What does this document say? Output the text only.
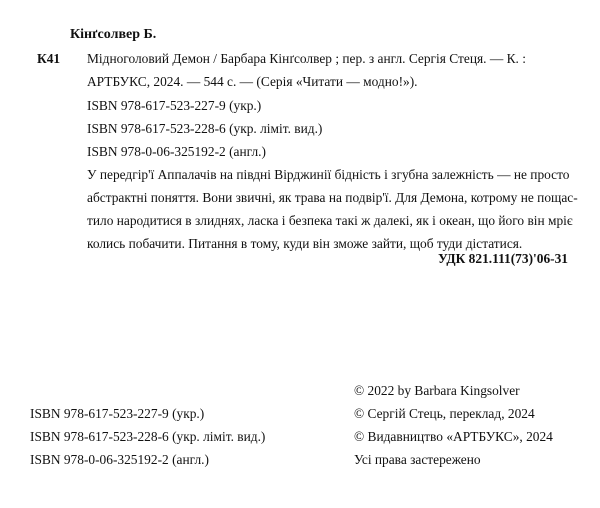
Кінґсолвер Б.
К41 Мідноголовий Демон / Барбара Кінґсолвер ; пер. з англ. Сергія Стеця. — К. :
АРТБУКС, 2024. — 544 с. — (Серія «Читати — модно!»).
ISBN 978-617-523-227-9 (укр.)
ISBN 978-617-523-228-6 (укр. ліміт. вид.)
ISBN 978-0-06-325192-2 (англ.)
У передгір'ї Аппалачів на півдні Вірджинії бідність і згубна залежність — не просто
абстрактні поняття. Вони звичні, як трава на подвір'ї. Для Демона, котрому не пощас-
тило народитися в злиднях, ласка і безпека такі ж далекі, як і океан, що його він мріє
колись побачити. Питання в тому, куди він зможе зайти, щоб туди дістатися.
УДК 821.111(73)'06-31
ISBN 978-617-523-227-9 (укр.)
ISBN 978-617-523-228-6 (укр. ліміт. вид.)
ISBN 978-0-06-325192-2 (англ.)
© 2022 by Barbara Kingsolver
© Сергій Стець, переклад, 2024
© Видавництво «АРТБУКС», 2024
Усі права застережено
